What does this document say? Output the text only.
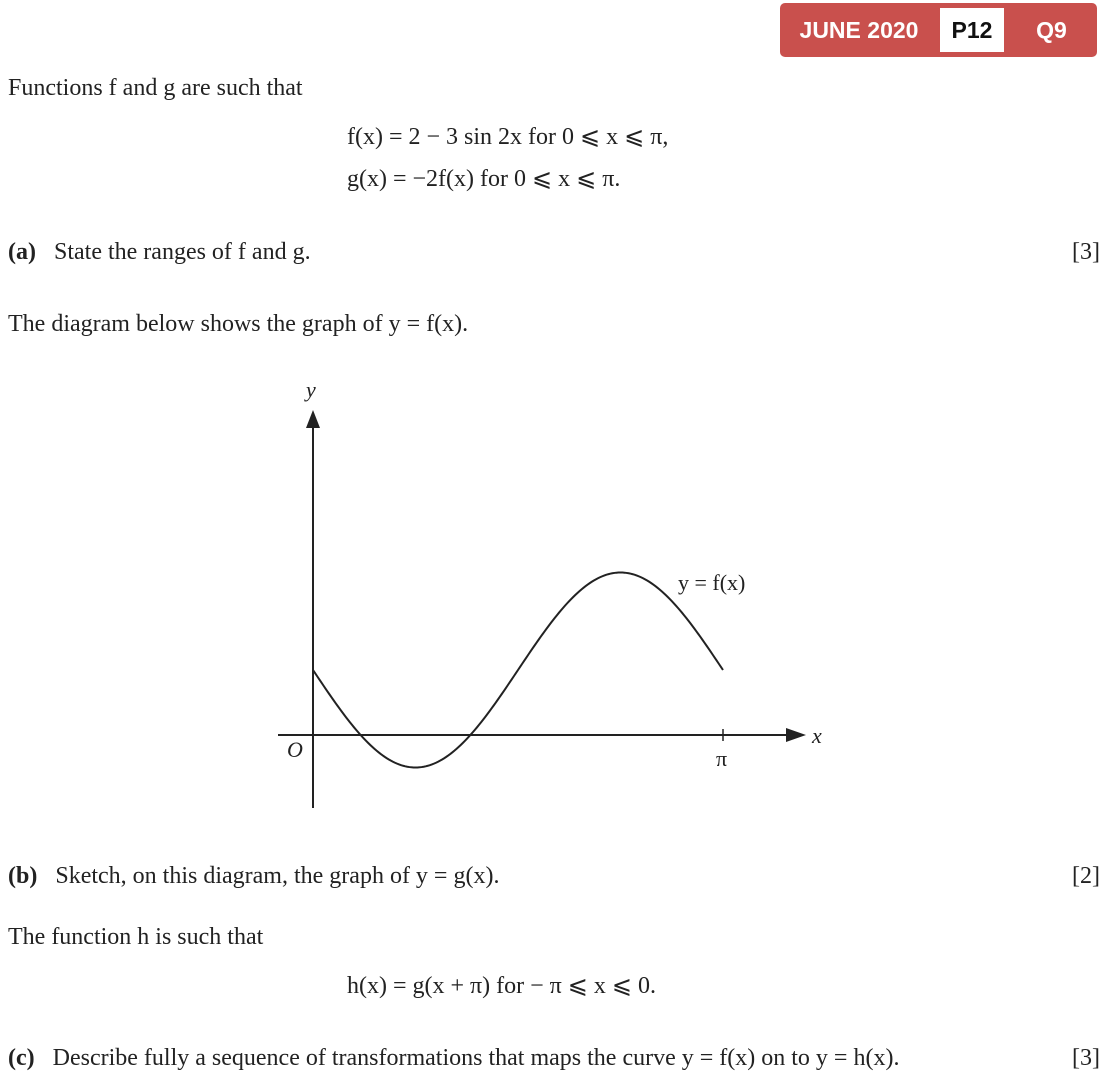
JUNE 2020	P12	Q9
Functions f and g are such that
f(x) = 2 − 3 sin 2x for 0 ⩽ x ⩽ π,
g(x) = −2f(x) for 0 ⩽ x ⩽ π.
(a) State the ranges of f and g.	[3]
The diagram below shows the graph of y = f(x).
y
x
O	π
y = f(x)
(b) Sketch, on this diagram, the graph of y = g(x).	[2]
The function h is such that
h(x) = g(x + π) for − π ⩽ x ⩽ 0.
(c) Describe fully a sequence of transformations that maps the curve y = f(x) on to y = h(x).	[3]
